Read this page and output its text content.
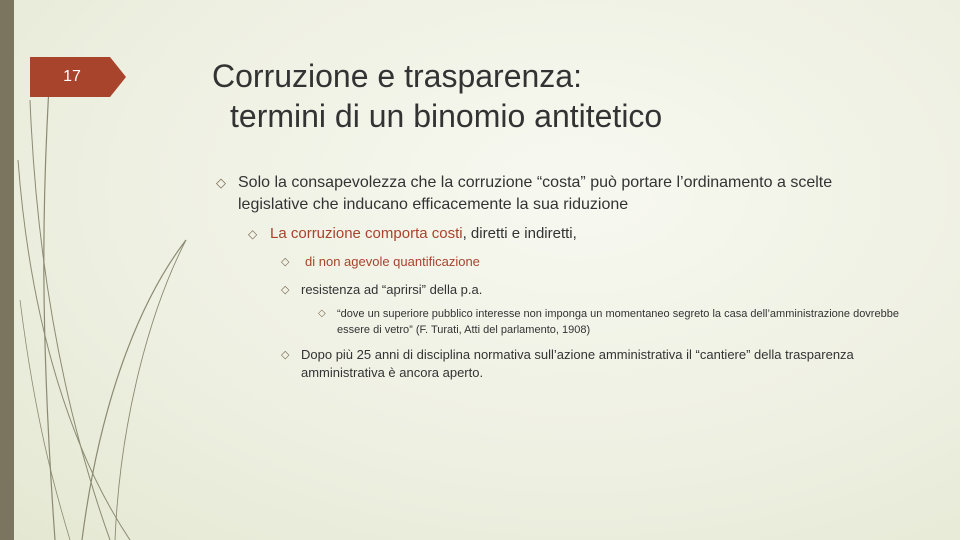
17	Corruzione e trasparenza:
termini di un binomio antitetico
◇ Solo la consapevolezza che la corruzione “costa” può portare l’ordinamento a scelte legislative che inducano efficacemente la sua riduzione
◇ La corruzione comporta costi, diretti e indiretti,
◇	di non agevole quantificazione
◇ resistenza ad “aprirsi” della p.a.
◇	“dove un superiore pubblico interesse non imponga un momentaneo segreto la casa dell’amministrazione dovrebbe essere di vetro” (F. Turati, Atti del parlamento, 1908)
◇ Dopo più 25 anni di disciplina normativa sull’azione amministrativa il “cantiere” della trasparenza amministrativa è ancora aperto.
